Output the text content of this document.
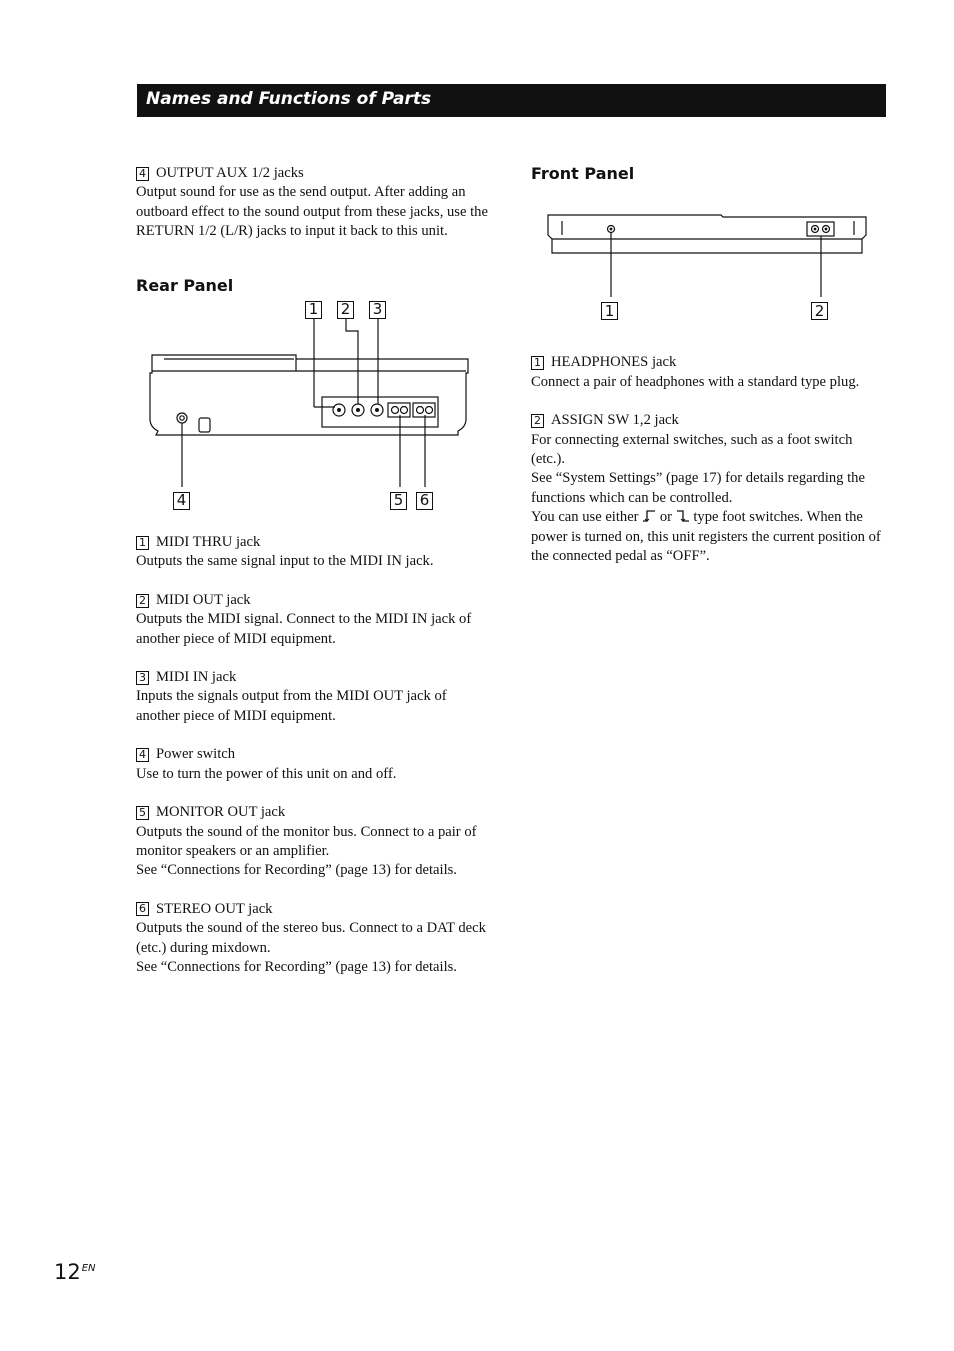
Names and Functions of Parts
4 OUTPUT AUX 1/2 jacks
Output sound for use as the send output. After adding an outboard effect to the sound output from these jacks, use the RETURN 1/2 (L/R) jacks to input it back to this unit.
Rear Panel
1 2 3
4	5 6
1 MIDI THRU jack
Outputs the same signal input to the MIDI IN jack.
2 MIDI OUT jack
Outputs the MIDI signal. Connect to the MIDI IN jack of another piece of MIDI equipment.
3 MIDI IN jack
Inputs the signals output from the MIDI OUT jack of another piece of MIDI equipment.
4 Power switch
Use to turn the power of this unit on and off.
5 MONITOR OUT jack
Outputs the sound of the monitor bus. Connect to a pair of monitor speakers or an amplifier.
See “Connections for Recording” (page 13) for details.
6 STEREO OUT jack
Outputs the sound of the stereo bus. Connect to a DAT deck (etc.) during mixdown.
See “Connections for Recording” (page 13) for details.
Front Panel
1	2
1 HEADPHONES jack
Connect a pair of headphones with a standard type plug.
2 ASSIGN SW 1,2 jack
For connecting external switches, such as a foot switch (etc.).
See “System Settings” (page 17) for details regarding the functions which can be controlled.
You can use either or type foot switches. When the power is turned on, this unit registers the current position of the connected pedal as “OFF”.
$12^{EN}$
